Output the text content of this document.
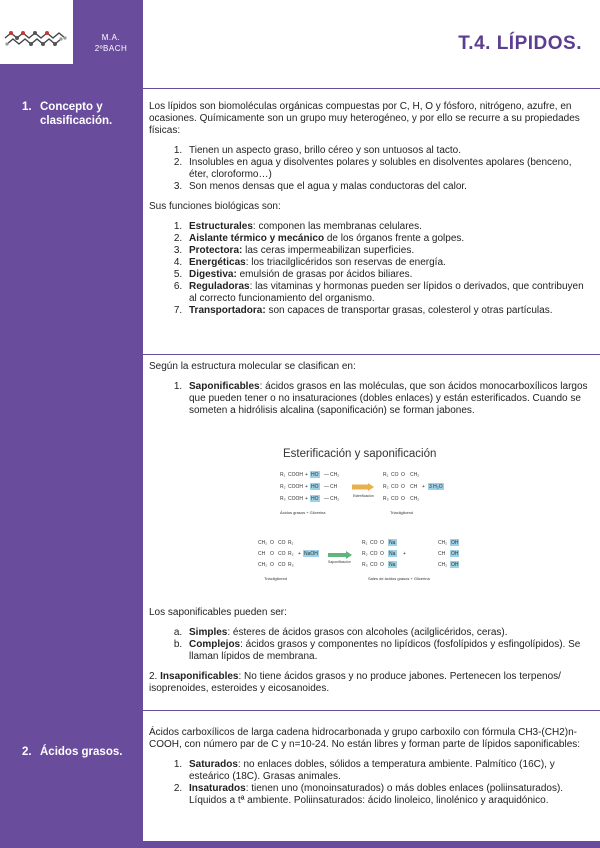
M.A.
2ºBACH	T.4. LÍPIDOS.
1. Concepto y clasificación.
2. Ácidos grasos.

Los lípidos son biomoléculas orgánicas compuestas por C, H, O y fósforo, nitrógeno, azufre, en ocasiones. Químicamente son un grupo muy heterogéneo, y por ello se recurre a su propiedades físicas:

1. Tienen un aspecto graso, brillo céreo y son untuosos al tacto.
2. Insolubles en agua y disolventes polares y solubles en disolventes apolares (benceno, éter, cloroformo…)
3. Son menos densas que el agua y malas conductoras del calor.

Sus funciones biológicas son:

1. Estructurales: componen las membranas celulares.
2. Aislante térmico y mecánico de los órganos frente a golpes.
3. Protectora: las ceras impermeabilizan superficies.
4. Energéticas: los triacilglicéridos son reservas de energía.
5. Digestiva: emulsión de grasas por ácidos biliares.
6. Reguladoras: las vitaminas y hormonas pueden ser lípidos o derivados, que contribuyen al correcto funcionamiento del organismo.
7. Transportadora: son capaces de transportar grasas, colesterol y otras partículas.

Según la estructura molecular se clasifican en:

1. Saponificables: ácidos grasos en las moléculas, que son ácidos monocarboxílicos largos que pueden tener o no insaturaciones (dobles enlaces) y están esterificados. Cuando se someten a hidrólisis alcalina (saponificación) se forman jabones.
Esterificación y saponificación
R₁ COOH + HO — CH₂
R₂ COOH + HO — CH
R₃ COOH + HO — CH₂	Esterificación
R₁ CO O CH₂
R₂ CO O CH + 3 H₂O
R₃ CO O CH₂
Ácidos grasos + Glicerina	Triacilglicerol
CH₂ O CO R₁
CH O CO R₂ + NaOH
CH₂ O CO R₃	Saponificación
R₁ CO O Na
R₂ CO O Na +
R₃ CO O Na
CH₂ OH
CH OH
CH₂ OH
Triacilglicerol	Sales de ácidos grasos + Glicerina

Los saponificables pueden ser:

a. Simples: ésteres de ácidos grasos con alcoholes (acilglicéridos, ceras).
b. Complejos: ácidos grasos y componentes no lipídicos (fosfolípidos y esfingolípidos). Se llaman lípidos de membrana.

2. Insaponificables: No tiene ácidos grasos y no produce jabones. Pertenecen los terpenos/ isoprenoides, esteroides y eicosanoides.

Ácidos carboxílicos de larga cadena hidrocarbonada y grupo carboxilo con fórmula CH3-(CH2)n-COOH, con número par de C y n=10-24. No están libres y forman parte de lípidos saponificables:

1. Saturados: no enlaces dobles, sólidos a temperatura ambiente. Palmítico (16C), y esteárico (18C). Grasas animales.
2. Insaturados: tienen uno (monoinsaturados) o más dobles enlaces (poliinsaturados). Líquidos a tª ambiente. Poliinsaturados: ácido linoleico, linolénico y araquidónico.
